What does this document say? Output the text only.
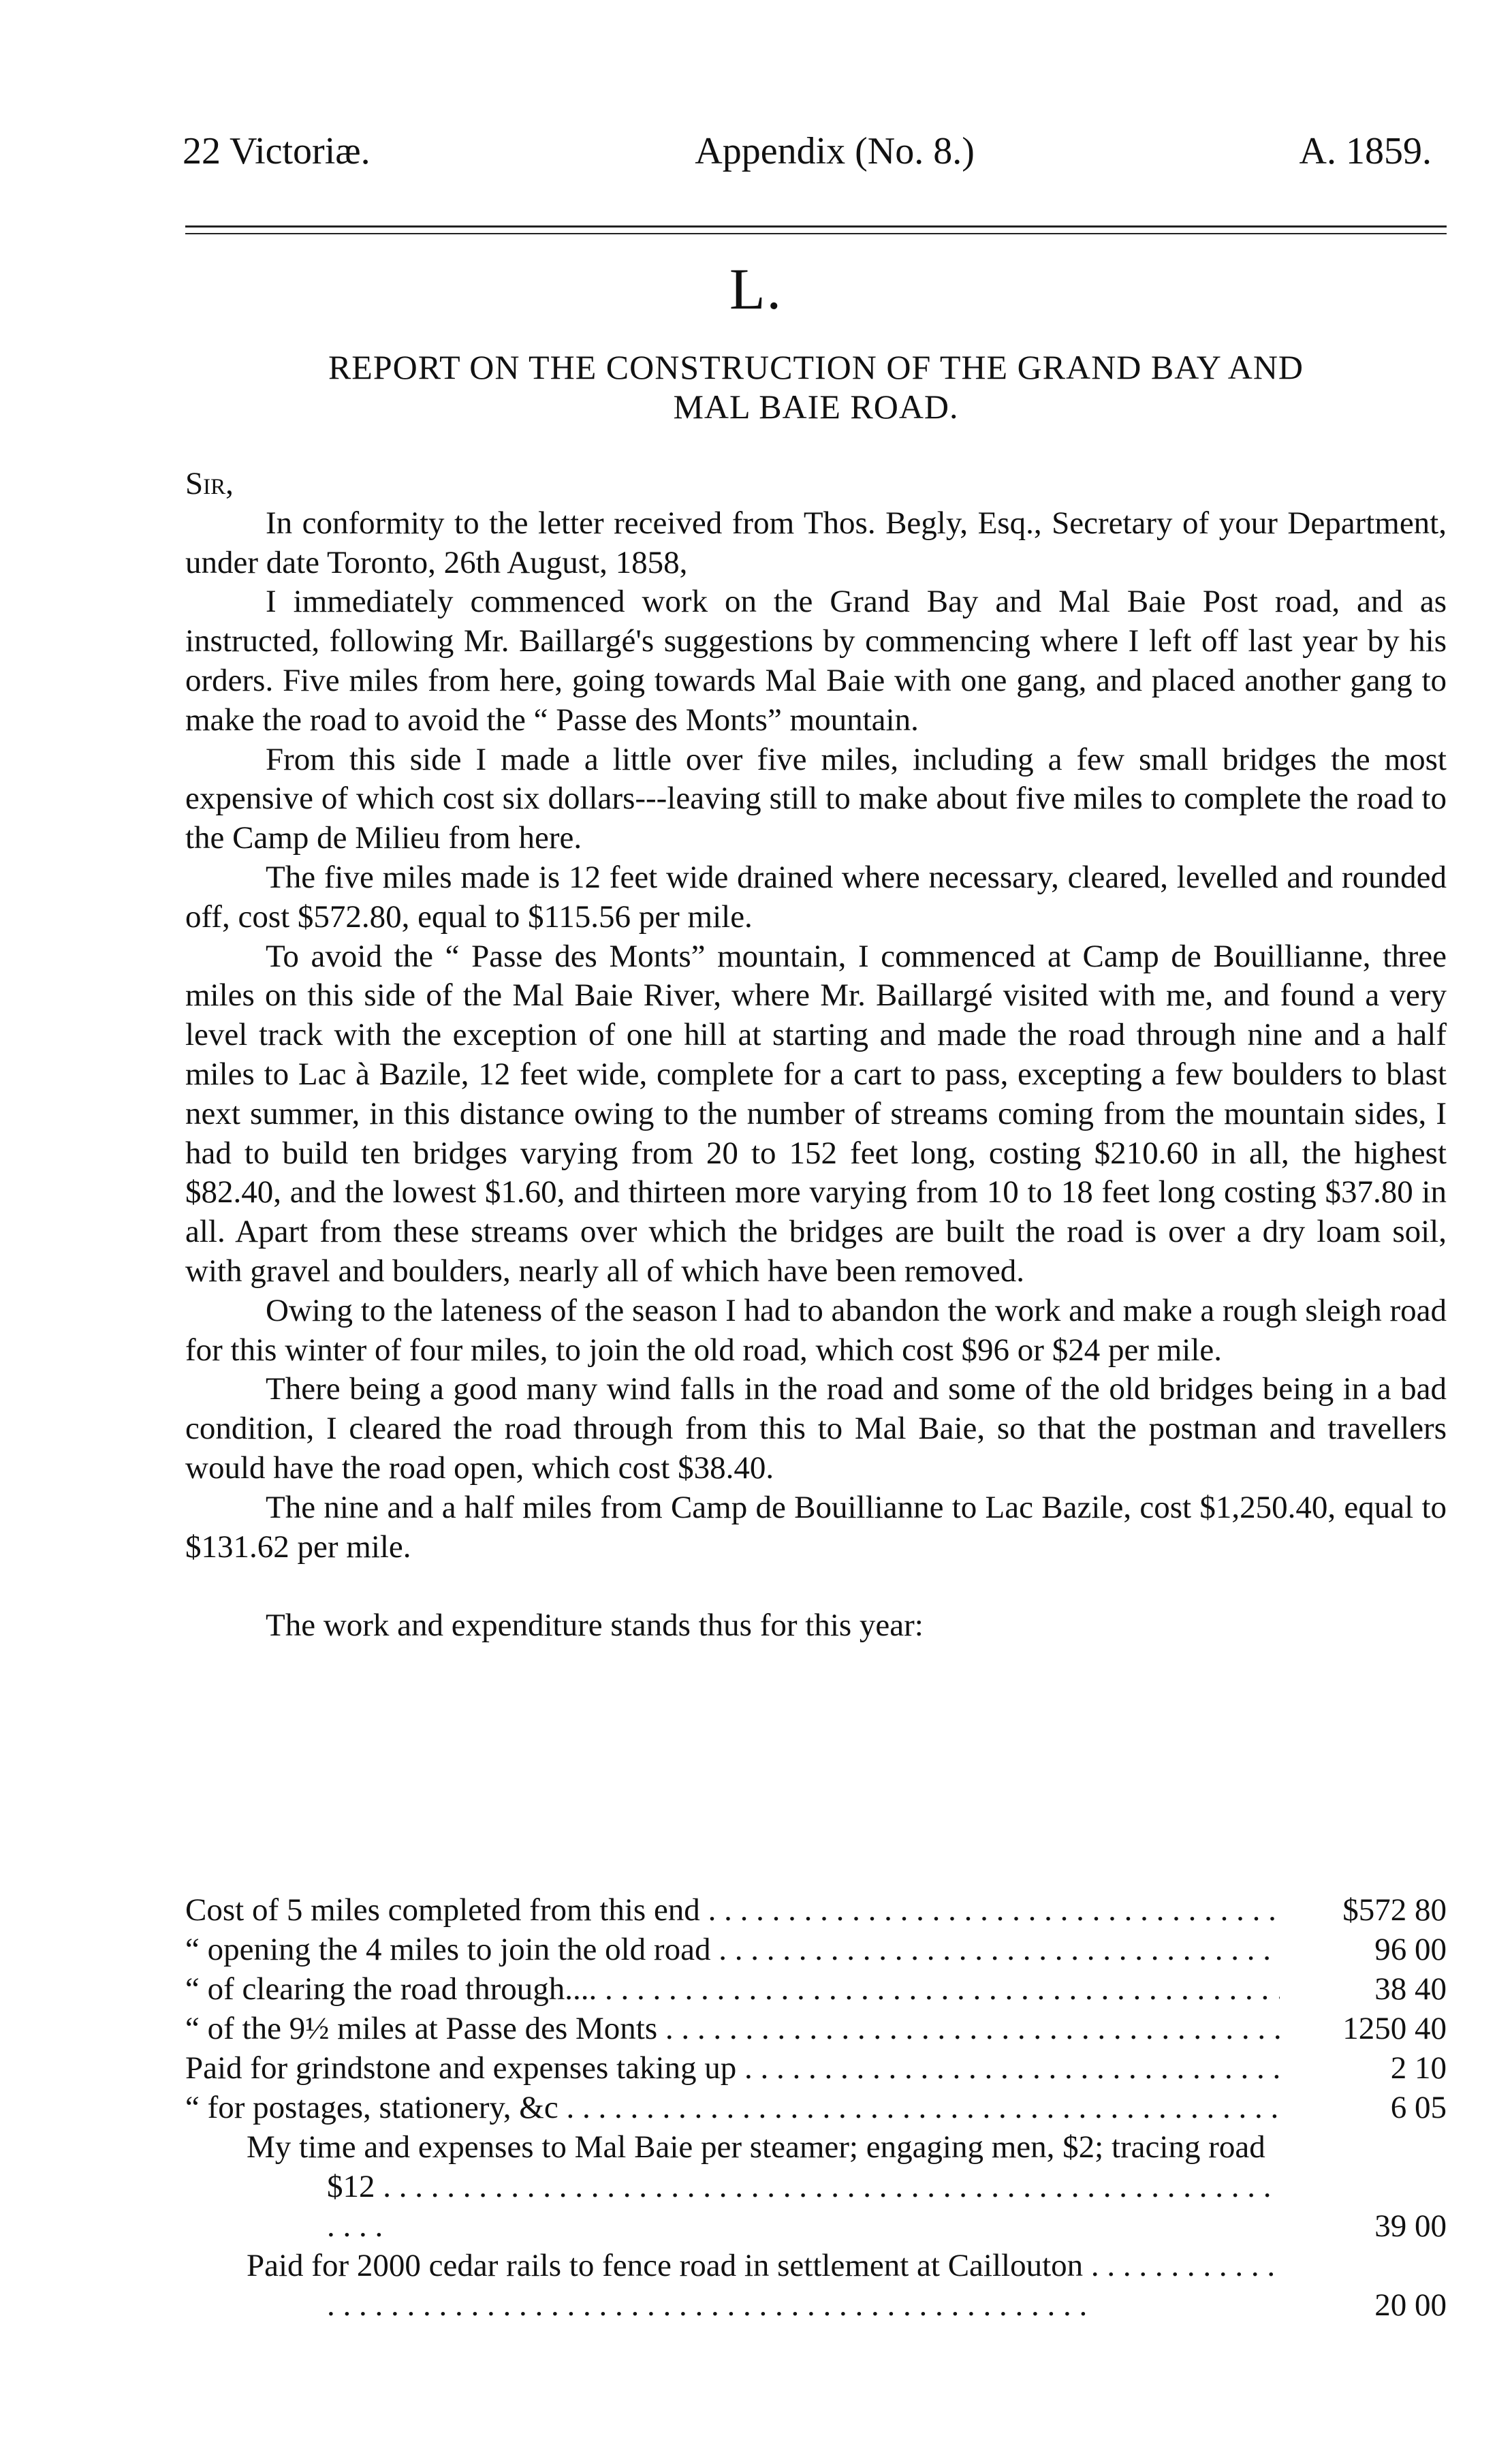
22 Victoriæ.	Appendix (No. 8.)	A. 1859.
L.
REPORT ON THE CONSTRUCTION OF THE GRAND BAY AND
MAL BAIE ROAD.

Sir,

In conformity to the letter received from Thos. Begly, Esq., Secretary of your Department, under date Toronto, 26th August, 1858,

I immediately commenced work on the Grand Bay and Mal Baie Post road, and as instructed, following Mr. Baillargé's suggestions by commencing where I left off last year by his orders. Five miles from here, going towards Mal Baie with one gang, and placed another gang to make the road to avoid the “ Passe des Monts” mountain.

From this side I made a little over five miles, including a few small bridges the most expensive of which cost six dollars---leaving still to make about five miles to complete the road to the Camp de Milieu from here.

The five miles made is 12 feet wide drained where necessary, cleared, levelled and rounded off, cost $572.80, equal to $115.56 per mile.

To avoid the “ Passe des Monts” mountain, I commenced at Camp de Bouillianne, three miles on this side of the Mal Baie River, where Mr. Baillargé visited with me, and found a very level track with the exception of one hill at starting and made the road through nine and a half miles to Lac à Bazile, 12 feet wide, complete for a cart to pass, excepting a few boulders to blast next summer, in this distance owing to the number of streams coming from the mountain sides, I had to build ten bridges varying from 20 to 152 feet long, costing $210.60 in all, the highest $82.40, and the lowest $1.60, and thirteen more varying from 10 to 18 feet long costing $37.80 in all. Apart from these streams over which the bridges are built the road is over a dry loam soil, with gravel and boulders, nearly all of which have been removed.

Owing to the lateness of the season I had to abandon the work and make a rough sleigh road for this winter of four miles, to join the old road, which cost $96 or $24 per mile.

There being a good many wind falls in the road and some of the old bridges being in a bad condition, I cleared the road through from this to Mal Baie, so that the postman and travellers would have the road open, which cost $38.40.

The nine and a half miles from Camp de Bouillianne to Lac Bazile, cost $1,250.40, equal to $131.62 per mile.

The work and expenditure stands thus for this year:

Cost of 5 miles completed from this end . . .	$572 80
“ opening the 4 miles to join the old road . . .	96 00
“ of clearing the road through.... . . .	38 40
“ of the 9½ miles at Passe des Monts . . .	1250 40
Paid for grindstone and expenses taking up . . .	2 10
“ for postages, stationery, &c . . .	6 05
My time and expenses to Mal Baie per steamer; engaging men, $2; tracing road $12 . . .
39 00
Paid for 2000 cedar rails to fence road in settlement at Caillouton . . .
20 00
